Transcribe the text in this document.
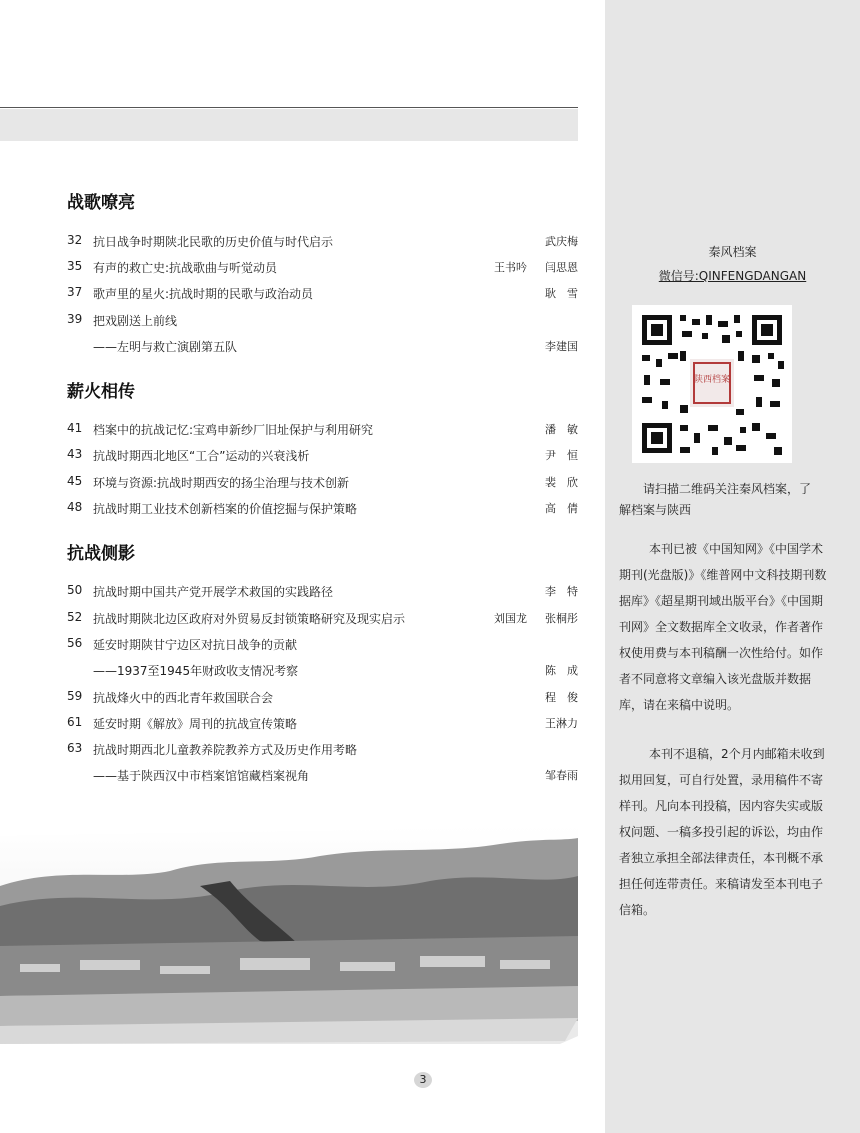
战歌嘹亮
32 抗日战争时期陕北民歌的历史价值与时代启示	武庆梅
35 有声的救亡史:抗战歌曲与听觉动员	王书吟 闫思恩
37 歌声里的星火:抗战时期的民歌与政治动员	耿　雪
39 把戏剧送上前线
——左明与救亡演剧第五队	李建国
薪火相传
41 档案中的抗战记忆:宝鸡申新纱厂旧址保护与利用研究	潘　敏
43 抗战时期西北地区“工合”运动的兴衰浅析	尹　恒
45 环境与资源:抗战时期西安的扬尘治理与技术创新	裴　欣
48 抗战时期工业技术创新档案的价值挖掘与保护策略	高　倩
抗战侧影
50 抗战时期中国共产党开展学术救国的实践路径	李　特
52 抗战时期陕北边区政府对外贸易反封锁策略研究及现实启示	刘国龙 张桐彤
56 延安时期陕甘宁边区对抗日战争的贡献
——1937至1945年财政收支情况考察	陈　成
59 抗战烽火中的西北青年救国联合会	程　俊
61 延安时期《解放》周刊的抗战宣传策略	王淋力
63 抗战时期西北儿童教养院教养方式及历史作用考略
——基于陕西汉中市档案馆馆藏档案视角	邹春雨
3
秦风档案
微信号:QINFENGDANGAN
陕西档案
请扫描二维码关注秦风档案，了解档案与陕西
本刊已被《中国知网》《中国学术期刊(光盘版)》《维普网中文科技期刊数据库》《超星期刊域出版平台》《中国期刊网》全文数据库全文收录，作者著作权使用费与本刊稿酬一次性给付。如作者不同意将文章编入该光盘版并数据库，请在来稿中说明。
本刊不退稿，2个月内邮箱未收到拟用回复，可自行处置，录用稿件不寄样刊。凡向本刊投稿，因内容失实或版权问题、一稿多投引起的诉讼，均由作者独立承担全部法律责任，本刊概不承担任何连带责任。来稿请发至本刊电子信箱。
